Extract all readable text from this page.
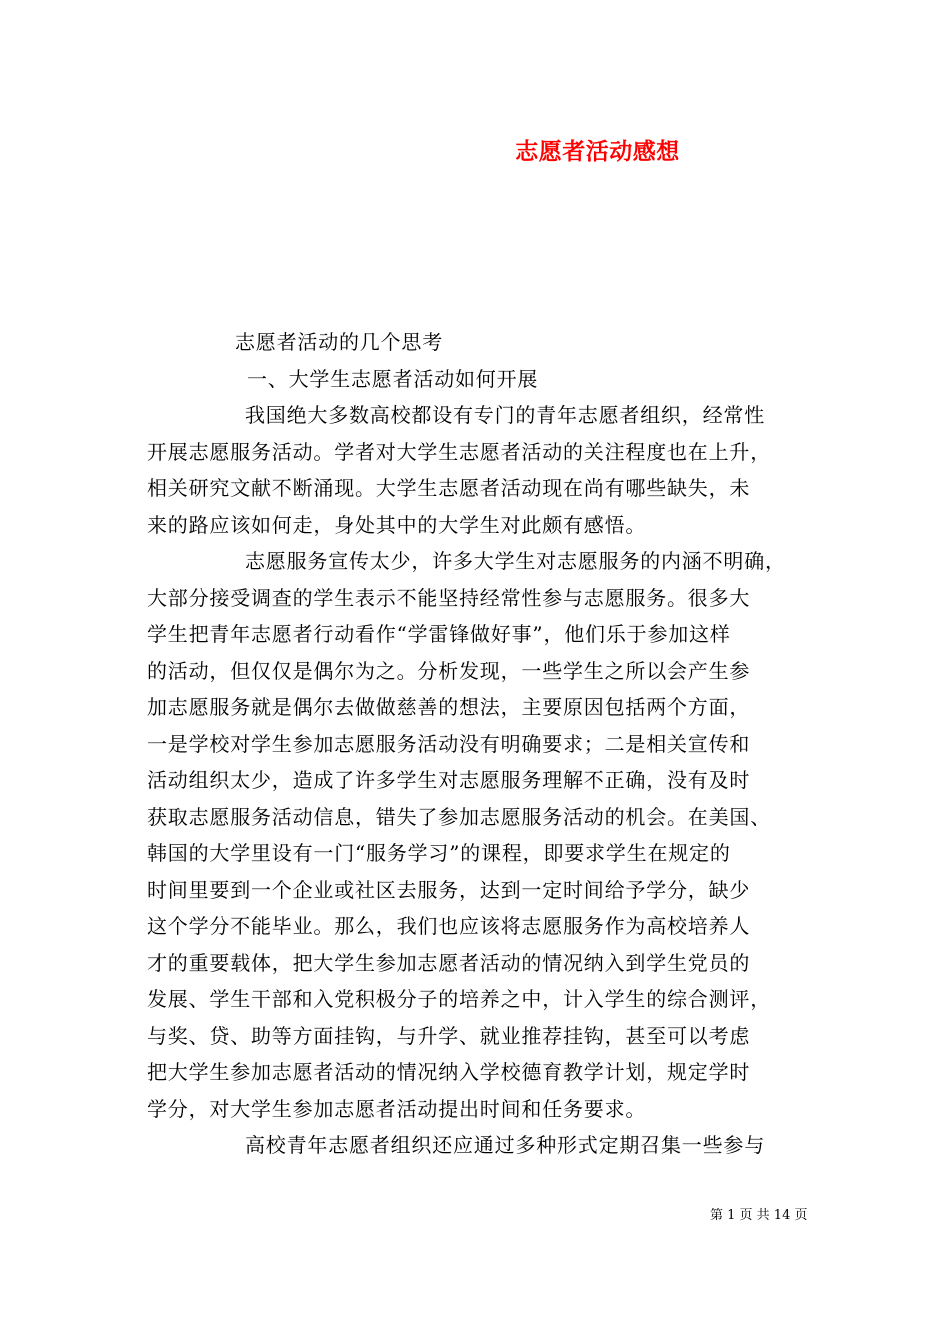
志愿者活动感想
志愿者活动的几个思考
一、大学生志愿者活动如何开展
我国绝大多数高校都设有专门的青年志愿者组织，经常性
开展志愿服务活动。学者对大学生志愿者活动的关注程度也在上升，
相关研究文献不断涌现。大学生志愿者活动现在尚有哪些缺失，未
来的路应该如何走，身处其中的大学生对此颇有感悟。
志愿服务宣传太少，许多大学生对志愿服务的内涵不明确，
大部分接受调查的学生表示不能坚持经常性参与志愿服务。很多大
学生把青年志愿者行动看作“学雷锋做好事”，他们乐于参加这样
的活动，但仅仅是偶尔为之。分析发现，一些学生之所以会产生参
加志愿服务就是偶尔去做做慈善的想法，主要原因包括两个方面，
一是学校对学生参加志愿服务活动没有明确要求；二是相关宣传和
活动组织太少，造成了许多学生对志愿服务理解不正确，没有及时
获取志愿服务活动信息，错失了参加志愿服务活动的机会。在美国、
韩国的大学里设有一门“服务学习”的课程，即要求学生在规定的
时间里要到一个企业或社区去服务，达到一定时间给予学分，缺少
这个学分不能毕业。那么，我们也应该将志愿服务作为高校培养人
才的重要载体，把大学生参加志愿者活动的情况纳入到学生党员的
发展、学生干部和入党积极分子的培养之中，计入学生的综合测评，
与奖、贷、助等方面挂钩，与升学、就业推荐挂钩，甚至可以考虑
把大学生参加志愿者活动的情况纳入学校德育教学计划，规定学时
学分，对大学生参加志愿者活动提出时间和任务要求。
高校青年志愿者组织还应通过多种形式定期召集一些参与
第 1 页 共 14 页
